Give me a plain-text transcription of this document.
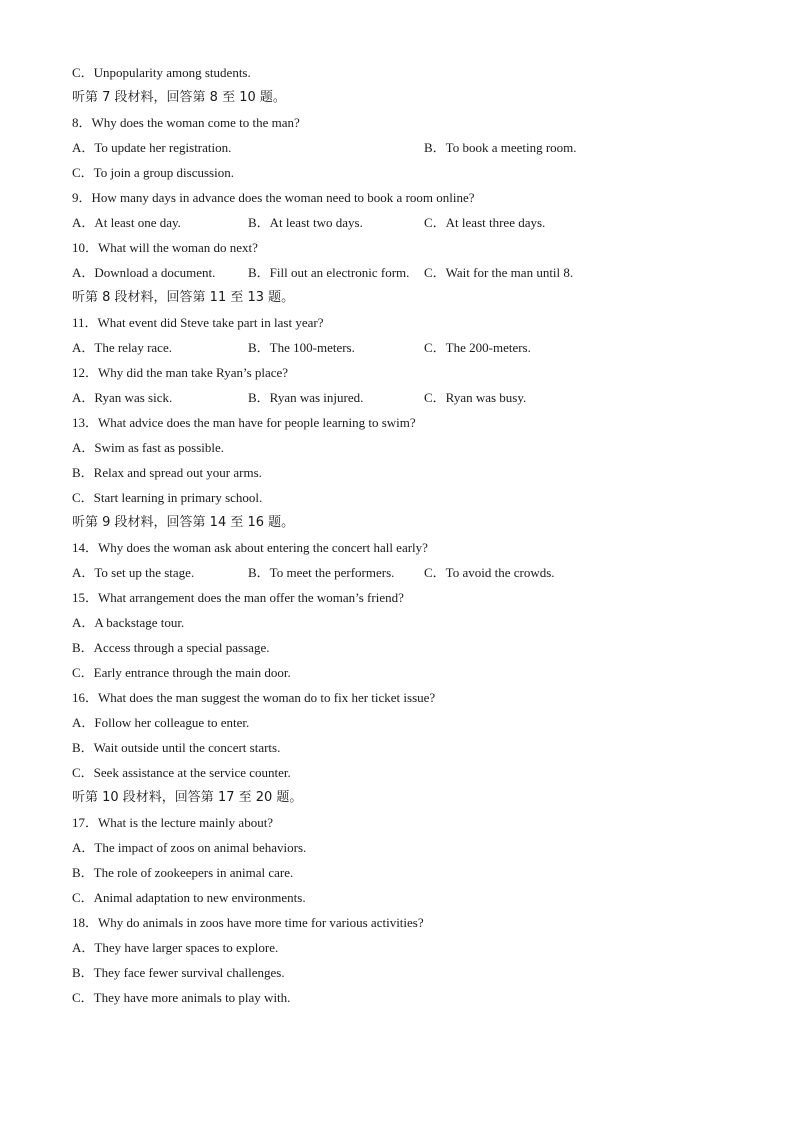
C．Unpopularity among students.
听第 7 段材料，回答第 8 至 10 题。
8．Why does the woman come to the man?
A．To update her registration.	B．To book a meeting room.
C．To join a group discussion.
9．How many days in advance does the woman need to book a room online?
A．At least one day.	B．At least two days.	C．At least three days.
10．What will the woman do next?
A．Download a document.	B．Fill out an electronic form. C．Wait for the man until 8.
听第 8 段材料，回答第 11 至 13 题。
11．What event did Steve take part in last year?
A．The relay race.	B．The 100-meters.	C．The 200-meters.
12．Why did the man take Ryan’s place?
A．Ryan was sick.	B．Ryan was injured.	C．Ryan was busy.
13．What advice does the man have for people learning to swim?
A．Swim as fast as possible.
B．Relax and spread out your arms.
C．Start learning in primary school.
听第 9 段材料，回答第 14 至 16 题。
14．Why does the woman ask about entering the concert hall early?
A．To set up the stage.	B．To meet the performers. C．To avoid the crowds.
15．What arrangement does the man offer the woman’s friend?
A．A backstage tour.
B．Access through a special passage.
C．Early entrance through the main door.
16．What does the man suggest the woman do to fix her ticket issue?
A．Follow her colleague to enter.
B．Wait outside until the concert starts.
C．Seek assistance at the service counter.
听第 10 段材料，回答第 17 至 20 题。
17．What is the lecture mainly about?
A．The impact of zoos on animal behaviors.
B．The role of zookeepers in animal care.
C．Animal adaptation to new environments.
18．Why do animals in zoos have more time for various activities?
A．They have larger spaces to explore.
B．They face fewer survival challenges.
C．They have more animals to play with.
